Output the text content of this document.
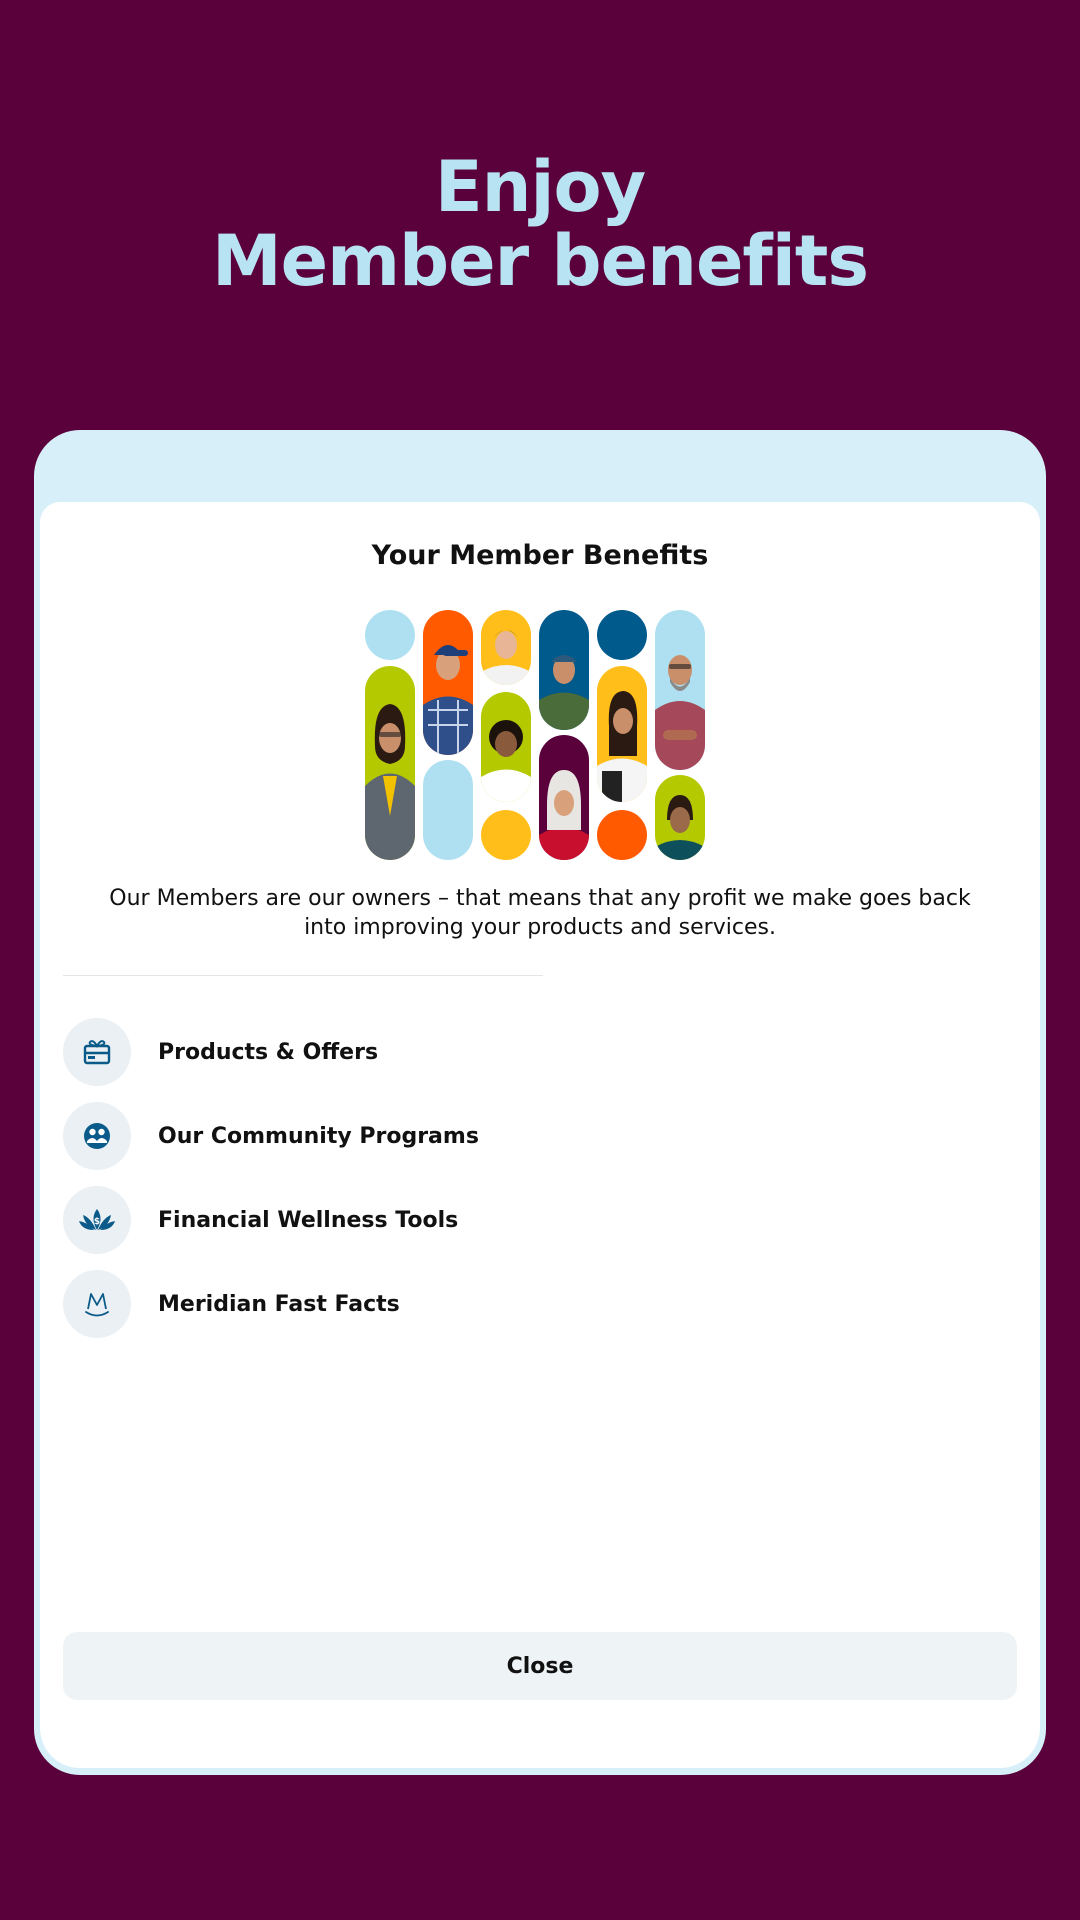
Enjoy
Member benefits
Your Member Benefits

Our Members are our owners – that means that any profit we make goes back into improving your products and services.

Products & Offers
Our Community Programs
$	Financial Wellness Tools
Meridian Fast Facts
Close
